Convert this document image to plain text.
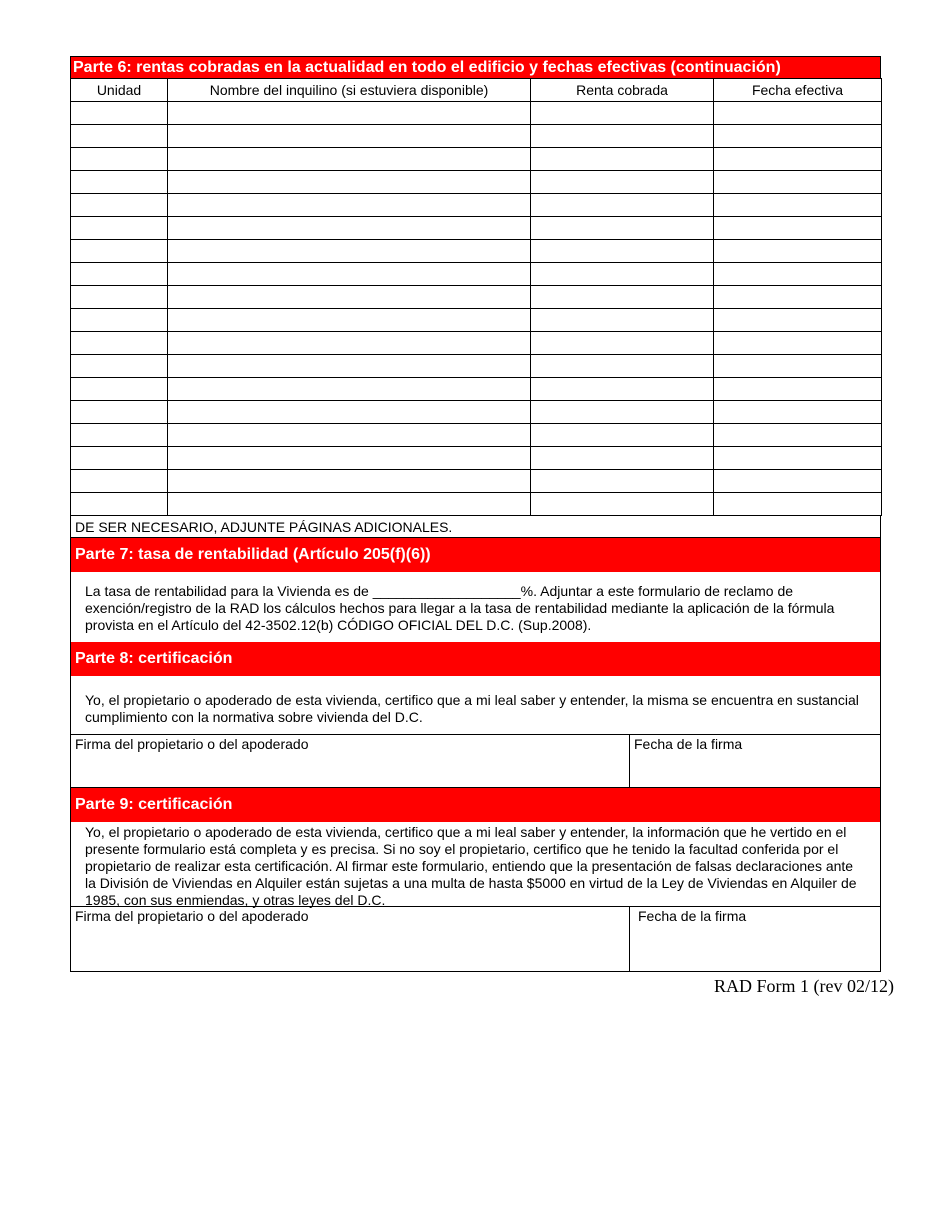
Parte 6: rentas cobradas en la actualidad en todo el edificio y fechas efectivas (continuación)
Unidad	Nombre del inquilino (si estuviera disponible)	Renta cobrada	Fecha efectiva

DE SER NECESARIO, ADJUNTE PÁGINAS ADICIONALES.
Parte 7: tasa de rentabilidad (Artículo 205(f)(6))
La tasa de rentabilidad para la Vivienda es de ___________________%. Adjuntar a este formulario de reclamo de exención/registro de la RAD los cálculos hechos para llegar a la tasa de rentabilidad mediante la aplicación de la fórmula provista en el Artículo del 42-3502.12(b) CÓDIGO OFICIAL DEL D.C. (Sup.2008).
Parte 8: certificación
Yo, el propietario o apoderado de esta vivienda, certifico que a mi leal saber y entender, la misma se encuentra en sustancial cumplimiento con la normativa sobre vivienda del D.C.
Firma del propietario o del apoderado	Fecha de la firma
Parte 9: certificación
Yo, el propietario o apoderado de esta vivienda, certifico que a mi leal saber y entender, la información que he vertido en el presente formulario está completa y es precisa. Si no soy el propietario, certifico que he tenido la facultad conferida por el propietario de realizar esta certificación. Al firmar este formulario, entiendo que la presentación de falsas declaraciones ante la División de Viviendas en Alquiler están sujetas a una multa de hasta $5000 en virtud de la Ley de Viviendas en Alquiler de 1985, con sus enmiendas, y otras leyes del D.C.
Firma del propietario o del apoderado	Fecha de la firma
RAD Form 1 (rev 02/12)
